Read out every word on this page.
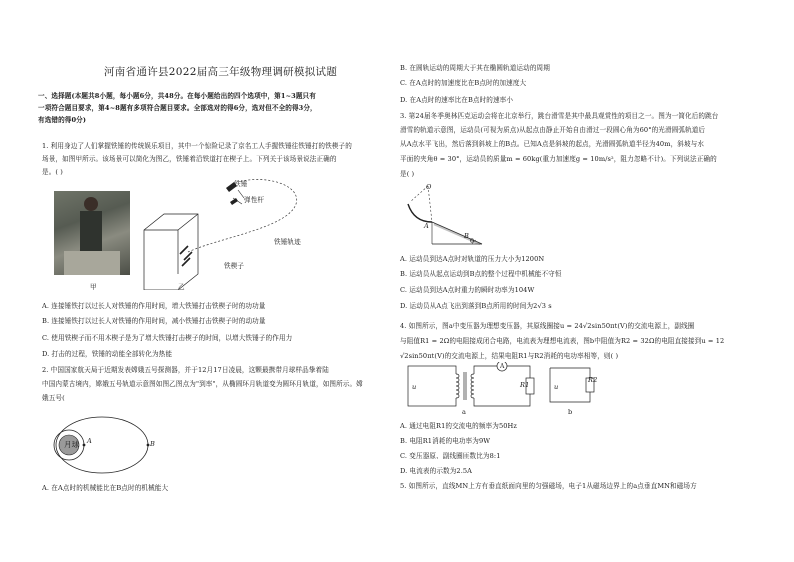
河南省通许县2022届高三年级物理调研模拟试题
一、选择题(本题共8小题，每小题6分，共48分。在每小题给出的四个选项中，第1~3题只有
一项符合题目要求，第4~8题有多项符合题目要求。全部选对的得6分，选对但不全的得3分，
有选错的得0分)
1. 利用身边了人们掌握铁锤的传统娱乐项目，其中一个惊险记录了京名工人手握铁锤往铁锤打的铁楔子的
场景，如图甲所示。该场景可以简化为图乙，铁锤着沿铁道打在楔子上。下列关于该场景说法正确的
是。( )
甲
铁锤
弹性杆
铁锤轨迹
铁楔子
乙
A. 连接锤铁打以过长人对铁锤的作用时间，增大铁锤打击铁楔子时的功功量
B. 连接锤铁打以过长人对铁锤的作用时间，减小铁锤打击铁楔子时的动功量
C. 使用铁楔子而不用木楔子是为了增大铁锤打击楔子的时间，以增大铁锤子的作用力
D. 打击的过程，铁锤的动能全部转化为热能
2. 中国国家航天局于近期发表嫦娥五号探测器，并于12月17日凌晨，这颗最携带月球样品挚着陆
中国内蒙古境内，嫦娥五号轨道示意图如图乙图点为"到率"，从椭圆环月轨道变为圆环月轨道，如图所示。嫦
娥五号(
月球 A	B
A. 在A点时的机械能比在B点时的机械能大
B. 在圆轨运动的周期大于其在椭圆轨道运动的周期
C. 在A点时的加速度比在B点时的加速度大
D. 在A点时的速率比在B点时的速率小
3. 第24届冬季奥林匹克运动会将在北京举行，跳台滑雪是其中最具观赏性的项目之一。图为一简化后的跳台
滑雪的轨道示意图，运动员(可视为质点)从起点由静止开始自由滑过一段圆心角为60°的光滑圆弧轨道后
从A点水平飞出，然后落到斜坡上的B点。已知A点是斜坡的起点，光滑圆弧轨道半径为40m，斜坡与水
平面的夹角θ = 30°，运动员的质量m = 60kg(重力加速度g = 10m/s²，阻力忽略不计)。下列说法正确的
是( )
O
A
B
θ
A. 运动员到达A点时对轨道的压力大小为1200N
B. 运动员从起点运动到B点的整个过程中机械能不守恒
C. 运动员到达A点时重力的瞬时功率为104W
D. 运动员从A点飞出到落到B点所用的时间为2√3 s
4. 如图所示，图a中变压器为理想变压器，其原线圈接u = 24√2sin50πt(V)的交流电源上，副线圈
与阻值R1 = 2Ω的电阻接成闭合电路，电流表为理想电流表，图b中阻值为R2 = 32Ω的电阻直接接到u = 12
√2sin50πt(V)的交流电源上，结果电阻R1与R2消耗的电功率相等，则( )
u
A
R1
a
u
R2
b
A. 通过电阻R1的交流电的频率为50Hz
B. 电阻R1消耗的电功率为9W
C. 变压器原、副线圈匝数比为8:1
D. 电流表的示数为2.5A
5. 如图所示，直线MN上方有垂直纸面向里的匀强磁场，电子1从磁场边界上的a点垂直MN和磁场方
